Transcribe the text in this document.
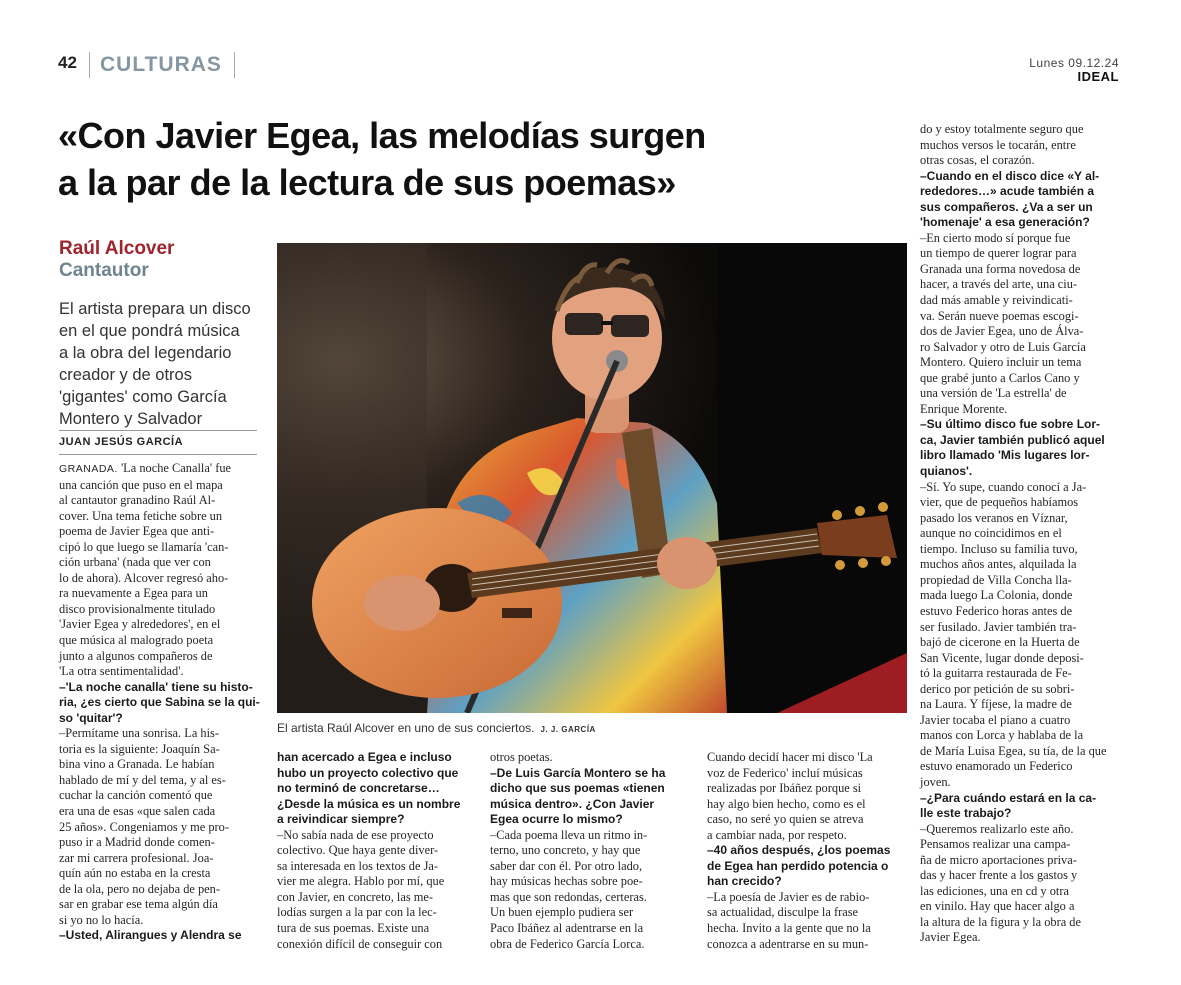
42 CULTURAS	Lunes 09.12.24
IDEAL
«Con Javier Egea, las melodías surgen
a la par de la lectura de sus poemas»
Raúl Alcover
Cantautor
El artista prepara un disco
en el que pondrá música
a la obra del legendario
creador y de otros
'gigantes' como García
Montero y Salvador
JUAN JESÚS GARCÍA
GRANADA. 'La noche Canalla' fue
una canción que puso en el mapa
al cantautor granadino Raúl Al-
cover. Una tema fetiche sobre un
poema de Javier Egea que anti-
cipó lo que luego se llamaría 'can-
ción urbana' (nada que ver con
lo de ahora). Alcover regresó aho-
ra nuevamente a Egea para un
disco provisionalmente titulado
'Javier Egea y alrededores', en el
que música al malogrado poeta
junto a algunos compañeros de
'La otra sentimentalidad'.
–'La noche canalla' tiene su histo-
ria, ¿es cierto que Sabina se la qui-
so 'quitar'?
–Permítame una sonrisa. La his-
toria es la siguiente: Joaquín Sa-
bina vino a Granada. Le habían
hablado de mí y del tema, y al es-
cuchar la canción comentó que
era una de esas «que salen cada
25 años». Congeniamos y me pro-
puso ir a Madrid donde comen-
zar mi carrera profesional. Joa-
quín aún no estaba en la cresta
de la ola, pero no dejaba de pen-
sar en grabar ese tema algún día
si yo no lo hacía.
–Usted, Alirangues y Alendra se
han acercado a Egea e incluso
hubo un proyecto colectivo que
no terminó de concretarse…
¿Desde la música es un nombre
a reivindicar siempre?
–No sabía nada de ese proyecto
colectivo. Que haya gente diver-
sa interesada en los textos de Ja-
vier me alegra. Hablo por mí, que
con Javier, en concreto, las me-
lodías surgen a la par con la lec-
tura de sus poemas. Existe una
conexión difícil de conseguir con
otros poetas.
–De Luis García Montero se ha
dicho que sus poemas «tienen
música dentro». ¿Con Javier
Egea ocurre lo mismo?
–Cada poema lleva un ritmo in-
terno, uno concreto, y hay que
saber dar con él. Por otro lado,
hay músicas hechas sobre poe-
mas que son redondas, certeras.
Un buen ejemplo pudiera ser
Paco Ibáñez al adentrarse en la
obra de Federico García Lorca.
Cuando decidí hacer mi disco 'La
voz de Federico' incluí músicas
realizadas por Ibáñez porque si
hay algo bien hecho, como es el
caso, no seré yo quien se atreva
a cambiar nada, por respeto.
–40 años después, ¿los poemas
de Egea han perdido potencia o
han crecido?
–La poesía de Javier es de rabio-
sa actualidad, disculpe la frase
hecha. Invito a la gente que no la
conozca a adentrarse en su mun-
do y estoy totalmente seguro que
muchos versos le tocarán, entre
otras cosas, el corazón.
–Cuando en el disco dice «Y al-
rededores…» acude también a
sus compañeros. ¿Va a ser un
'homenaje' a esa generación?
–En cierto modo sí porque fue
un tiempo de querer lograr para
Granada una forma novedosa de
hacer, a través del arte, una ciu-
dad más amable y reivindicati-
va. Serán nueve poemas escogi-
dos de Javier Egea, uno de Álva-
ro Salvador y otro de Luis García
Montero. Quiero incluir un tema
que grabé junto a Carlos Cano y
una versión de 'La estrella' de
Enrique Morente.
–Su último disco fue sobre Lor-
ca, Javier también publicó aquel
libro llamado 'Mis lugares lor-
quianos'.
–Sí. Yo supe, cuando conocí a Ja-
vier, que de pequeños habíamos
pasado los veranos en Víznar,
aunque no coincidimos en el
tiempo. Incluso su familia tuvo,
muchos años antes, alquilada la
propiedad de Villa Concha lla-
mada luego La Colonia, donde
estuvo Federico horas antes de
ser fusilado. Javier también tra-
bajó de cicerone en la Huerta de
San Vicente, lugar donde deposi-
tó la guitarra restaurada de Fe-
derico por petición de su sobri-
na Laura. Y fíjese, la madre de
Javier tocaba el piano a cuatro
manos con Lorca y hablaba de la
de María Luisa Egea, su tía, de la que
estuvo enamorado un Federico
joven.
–¿Para cuándo estará en la ca-
lle este trabajo?
–Queremos realizarlo este año.
Pensamos realizar una campa-
ña de micro aportaciones priva-
das y hacer frente a los gastos y
las ediciones, una en cd y otra
en vinilo. Hay que hacer algo a
la altura de la figura y la obra de
Javier Egea.
El artista Raúl Alcover en uno de sus conciertos. J. J. GARCÍA
